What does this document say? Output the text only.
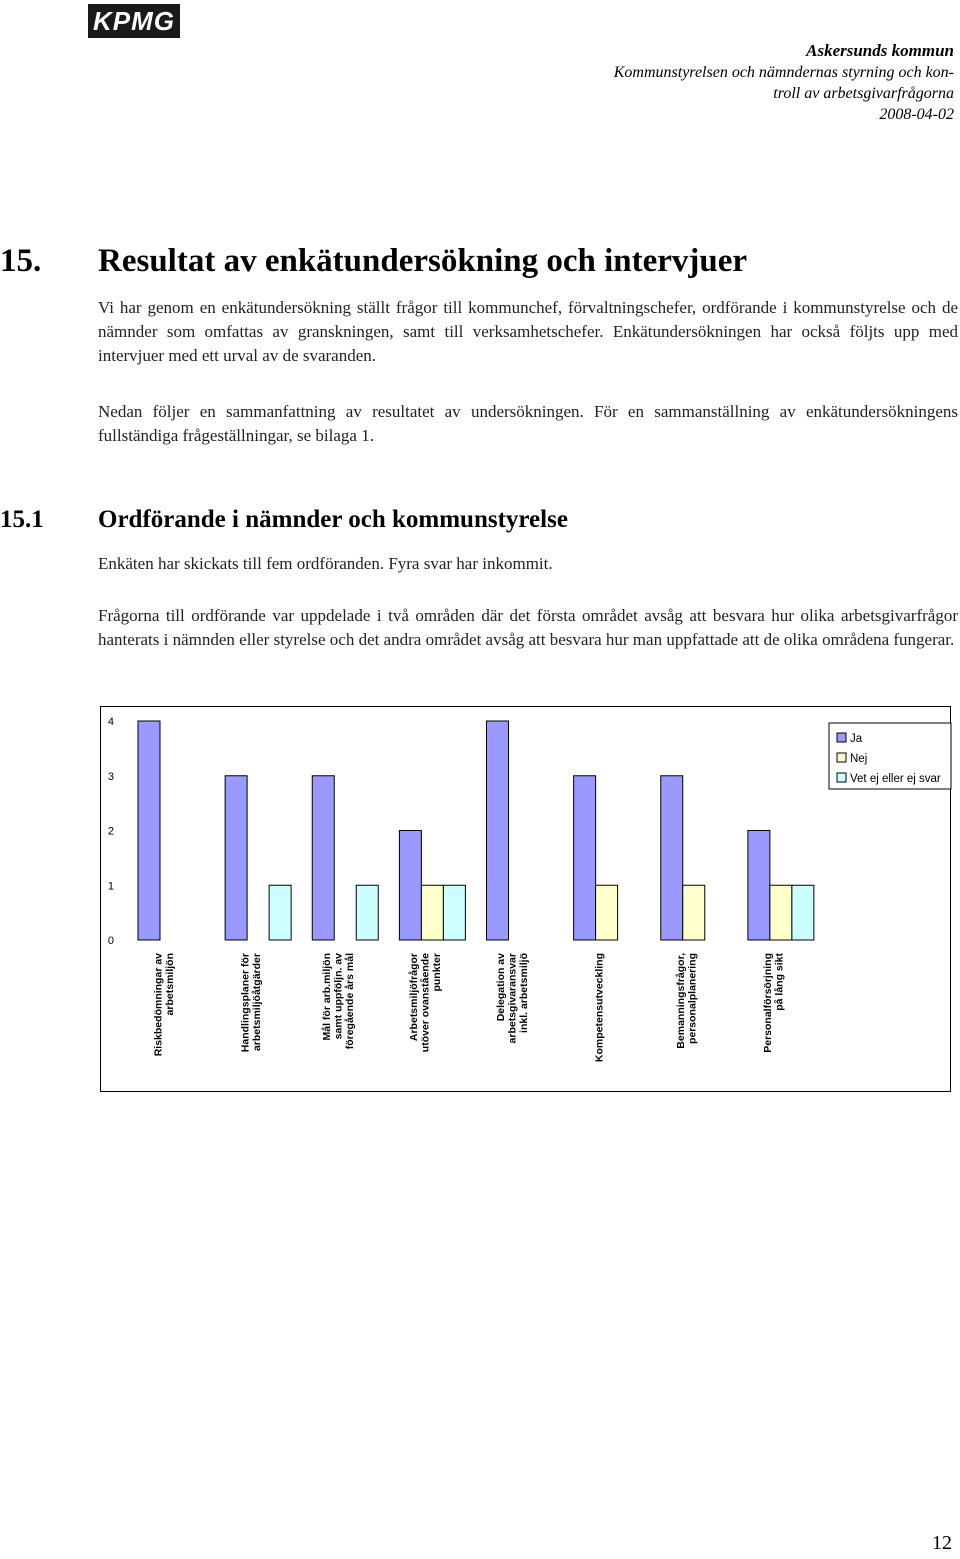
KPMG
Askersunds kommun
Kommunstyrelsen och nämndernas styrning och kon-
troll av arbetsgivarfrågorna
2008-04-02
15. Resultat av enkätundersökning och intervjuer

Vi har genom en enkätundersökning ställt frågor till kommunchef, förvaltningschefer, ordförande i kommunstyrelse och de nämnder som omfattas av granskningen, samt till verksamhetschefer. Enkätundersökningen har också följts upp med intervjuer med ett urval av de svaranden.

Nedan följer en sammanfattning av resultatet av undersökningen. För en sammanställning av enkätundersökningens fullständiga frågeställningar, se bilaga 1.

15.1 Ordförande i nämnder och kommunstyrelse

Enkäten har skickats till fem ordföranden. Fyra svar har inkommit.

Frågorna till ordförande var uppdelade i två områden där det första området avsåg att besvara hur olika arbetsgivarfrågor hanterats i nämnden eller styrelse och det andra området avsåg att besvara hur man uppfattade att de olika områdena fungerar.

0
1
2
3
4
Riskbedömningar avarbetsmiljön	Handlingsplaner förarbetsmiljöåtgärder	Mål för arb.miljönsamt uppföljn. avföregående års mål	Arbetsmiljöfrågorutöver ovanståendepunkter	Delegation avarbetsgivaransvarinkl. arbetsmiljö	Kompetensutveckling	Bemanningsfrågor,personalplanering	Personalförsörjningpå lång sikt
Ja
Nej
Vet ej eller ej svar
12
